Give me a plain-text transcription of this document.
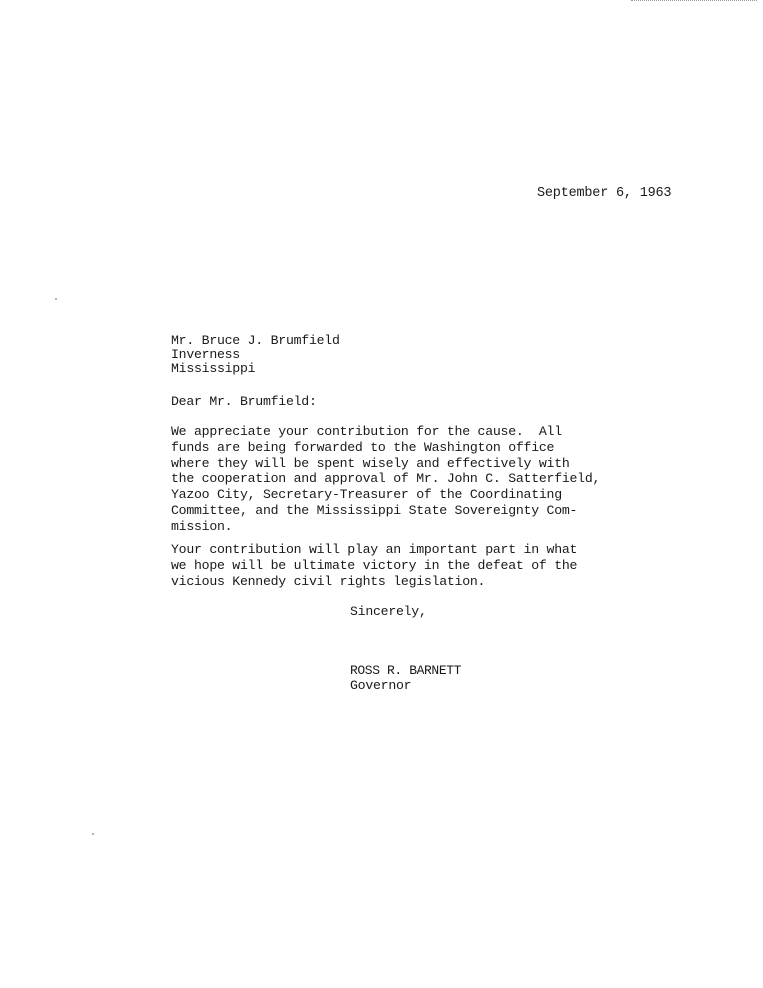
September 6, 1963
Mr. Bruce J. Brumfield
Inverness
Mississippi
Dear Mr. Brumfield:
We appreciate your contribution for the cause.  All
funds are being forwarded to the Washington office
where they will be spent wisely and effectively with
the cooperation and approval of Mr. John C. Satterfield,
Yazoo City, Secretary-Treasurer of the Coordinating
Committee, and the Mississippi State Sovereignty Com-
mission.
Your contribution will play an important part in what
we hope will be ultimate victory in the defeat of the
vicious Kennedy civil rights legislation.
Sincerely,
ROSS R. BARNETT
Governor
